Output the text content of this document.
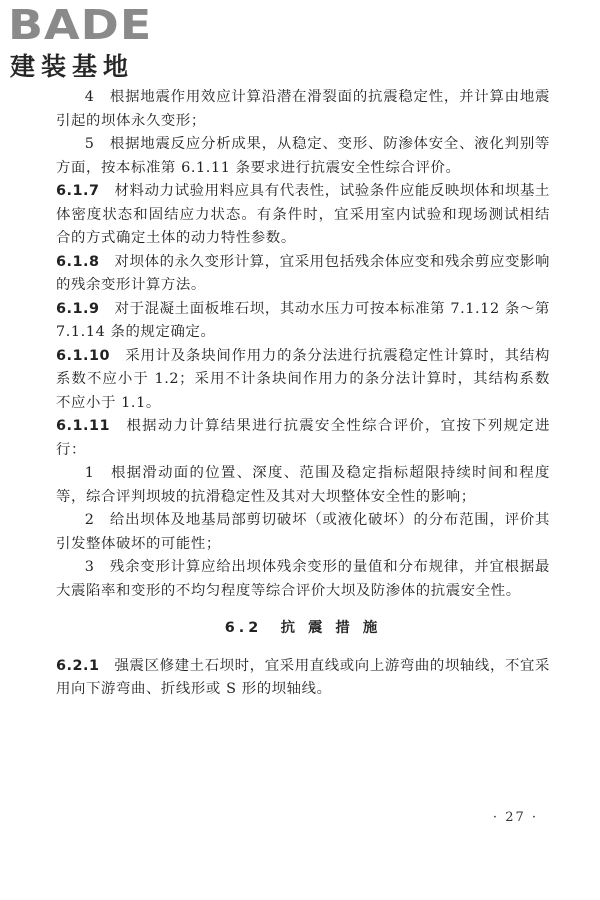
BADE
建装基地

4　根据地震作用效应计算沿潜在滑裂面的抗震稳定性，并计算由地震引起的坝体永久变形；

5　根据地震反应分析成果，从稳定、变形、防渗体安全、液化判别等方面，按本标准第 6.1.11 条要求进行抗震安全性综合评价。

6.1.7　 材料动力试验用料应具有代表性，试验条件应能反映坝体和坝基土体密度状态和固结应力状态。有条件时，宜采用室内试验和现场测试相结合的方式确定土体的动力特性参数。

6.1.8　 对坝体的永久变形计算，宜采用包括残余体应变和残余剪应变影响的残余变形计算方法。

6.1.9　 对于混凝土面板堆石坝，其动水压力可按本标准第 7.1.12 条～第 7.1.14 条的规定确定。

6.1.10　 采用计及条块间作用力的条分法进行抗震稳定性计算时，其结构系数不应小于 1.2；采用不计条块间作用力的条分法计算时，其结构系数不应小于 1.1。

6.1.11　 根据动力计算结果进行抗震安全性综合评价，宜按下列规定进行：

1　根据滑动面的位置、深度、范围及稳定指标超限持续时间和程度等，综合评判坝坡的抗滑稳定性及其对大坝整体安全性的影响；

2　给出坝体及地基局部剪切破坏（或液化破坏）的分布范围，评价其引发整体破坏的可能性；

3　残余变形计算应给出坝体残余变形的量值和分布规律，并宜根据最大震陷率和变形的不均匀程度等综合评价大坝及防渗体的抗震安全性。

6.2　抗 震 措 施

6.2.1　 强震区修建土石坝时，宜采用直线或向上游弯曲的坝轴线，不宜采用向下游弯曲、折线形或 S 形的坝轴线。

· 27 ·
